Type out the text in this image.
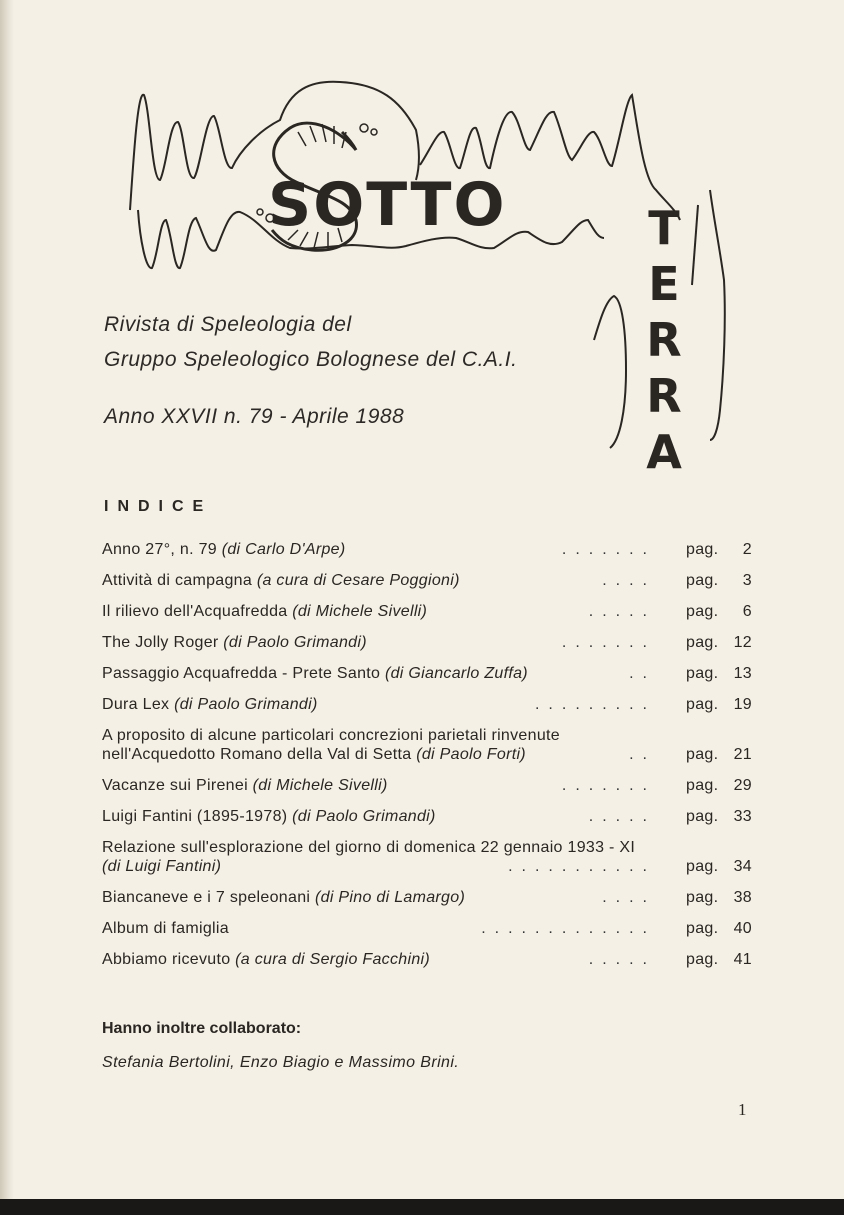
SOTTO	TERRA
Rivista di Speleologia del
Gruppo Speleologico Bolognese del C.A.I.
Anno XXVII n. 79 - Aprile 1988
INDICE
Anno 27°, n. 79 (di Carlo D'Arpe)	....... pag. 2
Attività di campagna (a cura di Cesare Poggioni)	.... pag. 3
Il rilievo dell'Acquafredda (di Michele Sivelli)	..... pag. 6
The Jolly Roger (di Paolo Grimandi)	....... pag. 12
Passaggio Acquafredda - Prete Santo (di Giancarlo Zuffa)	.. pag. 13
Dura Lex (di Paolo Grimandi)	......... pag. 19
A proposito di alcune particolari concrezioni parietali rinvenute nell'Acquedotto Romano della Val di Setta (di Paolo Forti)	.. pag. 21
Vacanze sui Pirenei (di Michele Sivelli)	....... pag. 29
Luigi Fantini (1895-1978) (di Paolo Grimandi)	..... pag. 33
Relazione sull'esplorazione del giorno di domenica 22 gennaio 1933 - XI (di Luigi Fantini)	........... pag. 34
Biancaneve e i 7 speleonani (di Pino di Lamargo)	.... pag. 38
Album di famiglia	............. pag. 40
Abbiamo ricevuto (a cura di Sergio Facchini)	..... pag. 41
Hanno inoltre collaborato:
Stefania Bertolini, Enzo Biagio e Massimo Brini.
1
